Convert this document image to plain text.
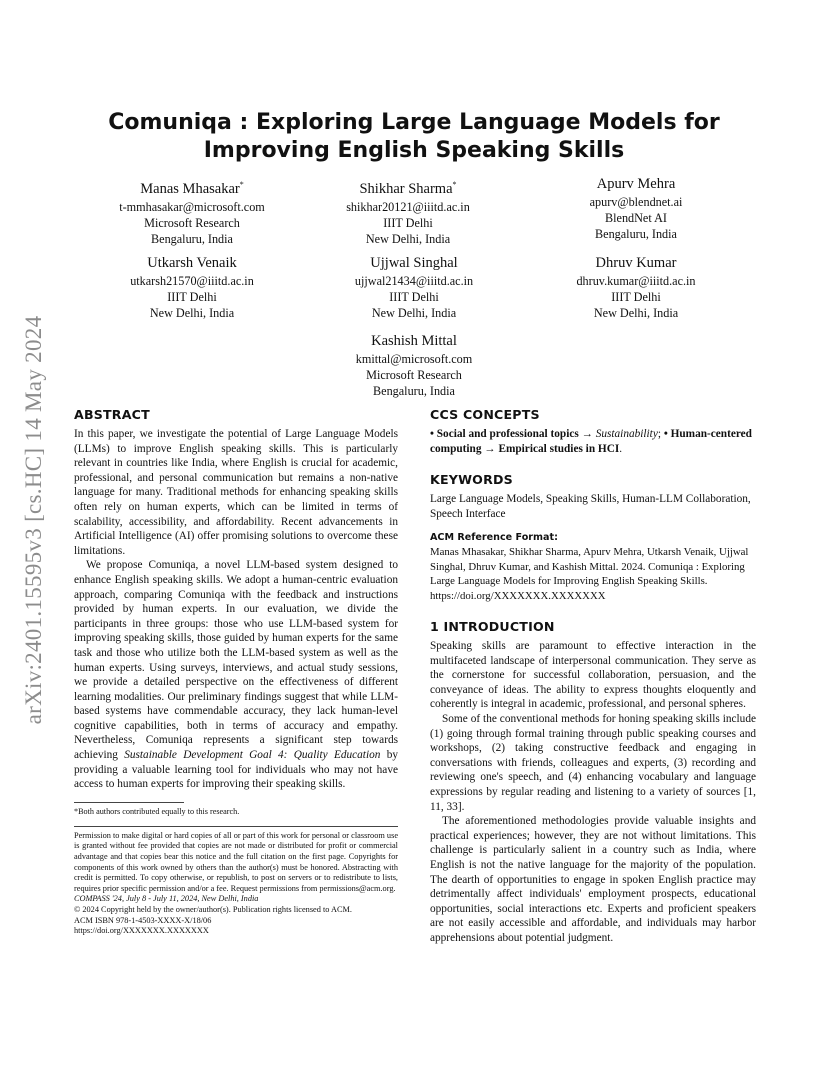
arXiv:2401.15595v3 [cs.HC] 14 May 2024
Comuniqa : Exploring Large Language Models for Improving English Speaking Skills
Manas Mhasakar*
t-mmhasakar@microsoft.com
Microsoft Research
Bengaluru, India
Shikhar Sharma*
shikhar20121@iiitd.ac.in
IIIT Delhi
New Delhi, India
Apurv Mehra
apurv@blendnet.ai
BlendNet AI
Bengaluru, India
Utkarsh Venaik
utkarsh21570@iiitd.ac.in
IIIT Delhi
New Delhi, India
Ujjwal Singhal
ujjwal21434@iiitd.ac.in
IIIT Delhi
New Delhi, India
Dhruv Kumar
dhruv.kumar@iiitd.ac.in
IIIT Delhi
New Delhi, India
Kashish Mittal
kmittal@microsoft.com
Microsoft Research
Bengaluru, India
ABSTRACT

In this paper, we investigate the potential of Large Language Models (LLMs) to improve English speaking skills. This is particularly relevant in countries like India, where English is crucial for academic, professional, and personal communication but remains a non-native language for many. Traditional methods for enhancing speaking skills often rely on human experts, which can be limited in terms of scalability, accessibility, and affordability. Recent advancements in Artificial Intelligence (AI) offer promising solutions to overcome these limitations.

We propose Comuniqa, a novel LLM-based system designed to enhance English speaking skills. We adopt a human-centric evaluation approach, comparing Comuniqa with the feedback and instructions provided by human experts. In our evaluation, we divide the participants in three groups: those who use LLM-based system for improving speaking skills, those guided by human experts for the same task and those who utilize both the LLM-based system as well as the human experts. Using surveys, interviews, and actual study sessions, we provide a detailed perspective on the effectiveness of different learning modalities. Our preliminary findings suggest that while LLM-based systems have commendable accuracy, they lack human-level cognitive capabilities, both in terms of accuracy and empathy. Nevertheless, Comuniqa represents a significant step towards achieving Sustainable Development Goal 4: Quality Education by providing a valuable learning tool for individuals who may not have access to human experts for improving their speaking skills.

*Both authors contributed equally to this research.

Permission to make digital or hard copies of all or part of this work for personal or classroom use is granted without fee provided that copies are not made or distributed for profit or commercial advantage and that copies bear this notice and the full citation on the first page. Copyrights for components of this work owned by others than the author(s) must be honored. Abstracting with credit is permitted. To copy otherwise, or republish, to post on servers or to redistribute to lists, requires prior specific permission and/or a fee. Request permissions from permissions@acm.org.

COMPASS '24, July 8 - July 11, 2024, New Delhi, India

© 2024 Copyright held by the owner/author(s). Publication rights licensed to ACM.

ACM ISBN 978-1-4503-XXXX-X/18/06

https://doi.org/XXXXXXX.XXXXXXX

CCS CONCEPTS

• Social and professional topics → Sustainability; • Human-centered computing → Empirical studies in HCI.

KEYWORDS

Large Language Models, Speaking Skills, Human-LLM Collaboration, Speech Interface

ACM Reference Format:

Manas Mhasakar, Shikhar Sharma, Apurv Mehra, Utkarsh Venaik, Ujjwal Singhal, Dhruv Kumar, and Kashish Mittal. 2024. Comuniqa : Exploring Large Language Models for Improving English Speaking Skills. https://doi.org/XXXXXXX.XXXXXXX

1 INTRODUCTION

Speaking skills are paramount to effective interaction in the multifaceted landscape of interpersonal communication. They serve as the cornerstone for successful collaboration, persuasion, and the conveyance of ideas. The ability to express thoughts eloquently and coherently is integral in academic, professional, and personal spheres.

Some of the conventional methods for honing speaking skills include (1) going through formal training through public speaking courses and workshops, (2) taking constructive feedback and engaging in conversations with friends, colleagues and experts, (3) recording and reviewing one's speech, and (4) enhancing vocabulary and language expressions by regular reading and listening to a variety of sources [1, 11, 33].

The aforementioned methodologies provide valuable insights and practical experiences; however, they are not without limitations. This challenge is particularly salient in a country such as India, where English is not the native language for the majority of the population. The dearth of opportunities to engage in spoken English practice may detrimentally affect individuals' employment prospects, educational opportunities, social interactions etc. Experts and proficient speakers are not easily accessible and affordable, and individuals may harbor apprehensions about potential judgment.
